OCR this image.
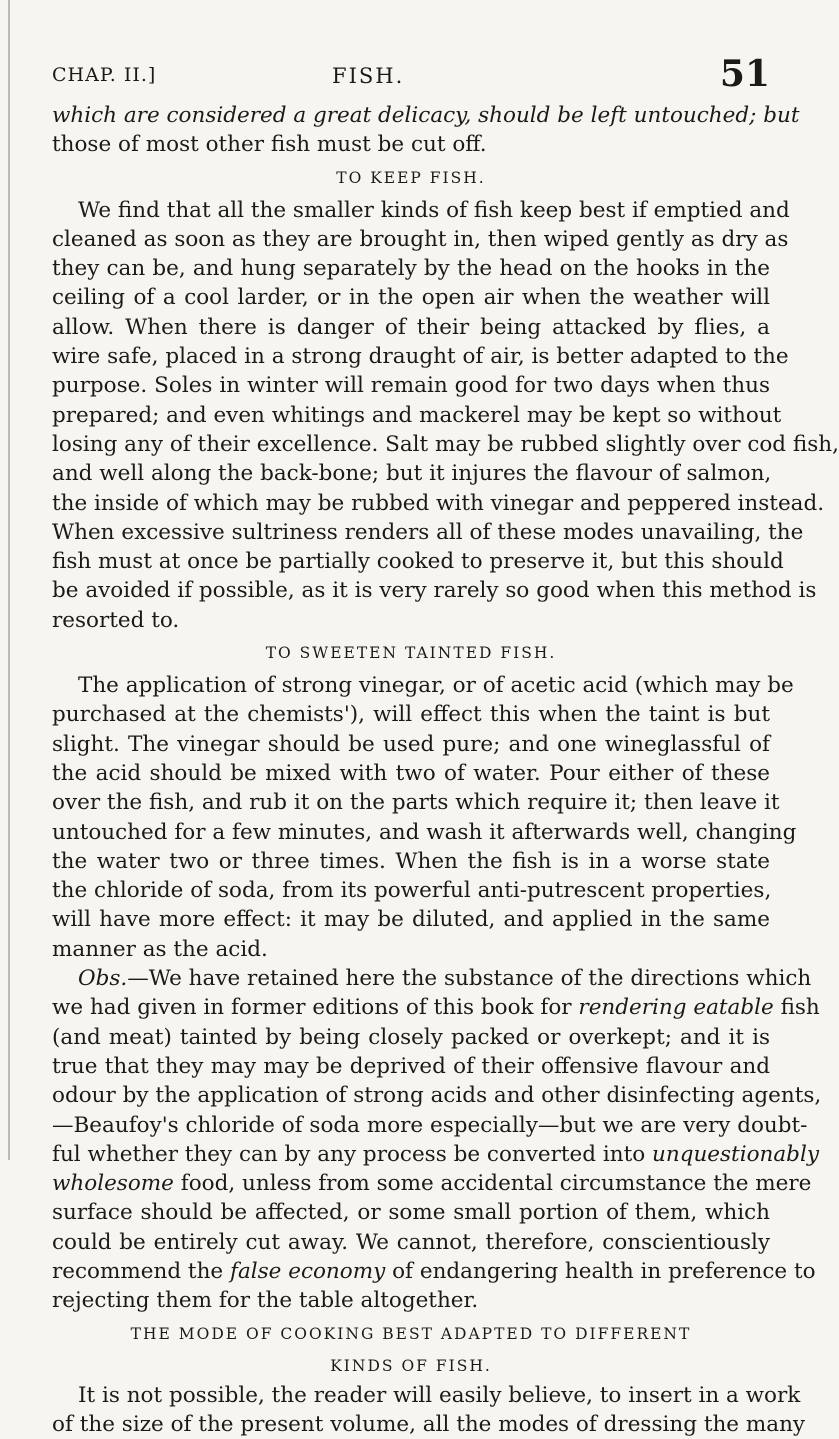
CHAP. II.]	FISH.	51
which are considered a great delicacy, should be left untouched; but
those of most other fish must be cut off.
TO KEEP FISH.
We find that all the smaller kinds of fish keep best if emptied and
cleaned as soon as they are brought in, then wiped gently as dry as
they can be, and hung separately by the head on the hooks in the
ceiling of a cool larder, or in the open air when the weather will
allow. When there is danger of their being attacked by flies, a
wire safe, placed in a strong draught of air, is better adapted to the
purpose. Soles in winter will remain good for two days when thus
prepared; and even whitings and mackerel may be kept so without
losing any of their excellence. Salt may be rubbed slightly over cod fish,
and well along the back-bone; but it injures the flavour of salmon,
the inside of which may be rubbed with vinegar and peppered instead.
When excessive sultriness renders all of these modes unavailing, the
fish must at once be partially cooked to preserve it, but this should
be avoided if possible, as it is very rarely so good when this method is
resorted to.
TO SWEETEN TAINTED FISH.
The application of strong vinegar, or of acetic acid (which may be
purchased at the chemists'), will effect this when the taint is but
slight. The vinegar should be used pure; and one wineglassful of
the acid should be mixed with two of water. Pour either of these
over the fish, and rub it on the parts which require it; then leave it
untouched for a few minutes, and wash it afterwards well, changing
the water two or three times. When the fish is in a worse state
the chloride of soda, from its powerful anti-putrescent properties,
will have more effect: it may be diluted, and applied in the same
manner as the acid.
Obs.—We have retained here the substance of the directions which
we had given in former editions of this book for rendering eatable fish
(and meat) tainted by being closely packed or overkept; and it is
true that they may may be deprived of their offensive flavour and
odour by the application of strong acids and other disinfecting agents,
—Beaufoy's chloride of soda more especially—but we are very doubt-
ful whether they can by any process be converted into unquestionably
wholesome food, unless from some accidental circumstance the mere
surface should be affected, or some small portion of them, which
could be entirely cut away. We cannot, therefore, conscientiously
recommend the false economy of endangering health in preference to
rejecting them for the table altogether.
THE MODE OF COOKING BEST ADAPTED TO DIFFERENT
KINDS OF FISH.
It is not possible, the reader will easily believe, to insert in a work
of the size of the present volume, all the modes of dressing the many
